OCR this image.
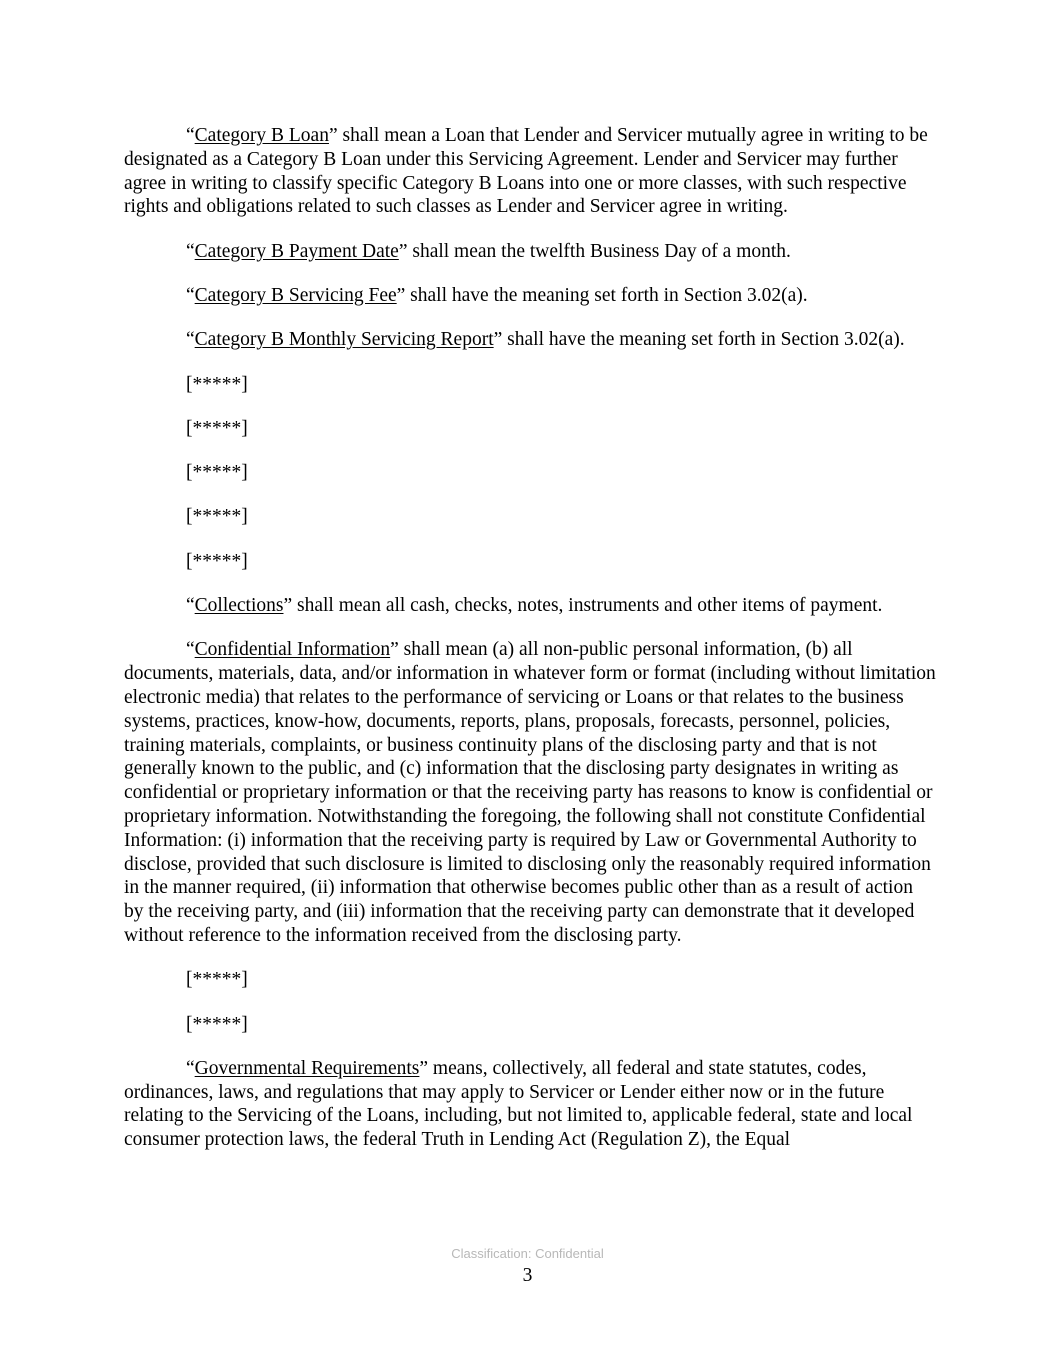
“Category B Loan” shall mean a Loan that Lender and Servicer mutually agree in writing to be designated as a Category B Loan under this Servicing Agreement. Lender and Servicer may further agree in writing to classify specific Category B Loans into one or more classes, with such respective rights and obligations related to such classes as Lender and Servicer agree in writing.

“Category B Payment Date” shall mean the twelfth Business Day of a month.

“Category B Servicing Fee” shall have the meaning set forth in Section 3.02(a).

“Category B Monthly Servicing Report” shall have the meaning set forth in Section 3.02(a).

[*****]

[*****]

[*****]

[*****]

[*****]

“Collections” shall mean all cash, checks, notes, instruments and other items of payment.

“Confidential Information” shall mean (a) all non-public personal information, (b) all documents, materials, data, and/or information in whatever form or format (including without limitation electronic media) that relates to the performance of servicing or Loans or that relates to the business systems, practices, know-how, documents, reports, plans, proposals, forecasts, personnel, policies, training materials, complaints, or business continuity plans of the disclosing party and that is not generally known to the public, and (c) information that the disclosing party designates in writing as confidential or proprietary information or that the receiving party has reasons to know is confidential or proprietary information. Notwithstanding the foregoing, the following shall not constitute Confidential Information: (i) information that the receiving party is required by Law or Governmental Authority to disclose, provided that such disclosure is limited to disclosing only the reasonably required information in the manner required, (ii) information that otherwise becomes public other than as a result of action by the receiving party, and (iii) information that the receiving party can demonstrate that it developed without reference to the information received from the disclosing party.

[*****]

[*****]

“Governmental Requirements” means, collectively, all federal and state statutes, codes, ordinances, laws, and regulations that may apply to Servicer or Lender either now or in the future relating to the Servicing of the Loans, including, but not limited to, applicable federal, state and local consumer protection laws, the federal Truth in Lending Act (Regulation Z), the Equal

Classification: Confidential
3
